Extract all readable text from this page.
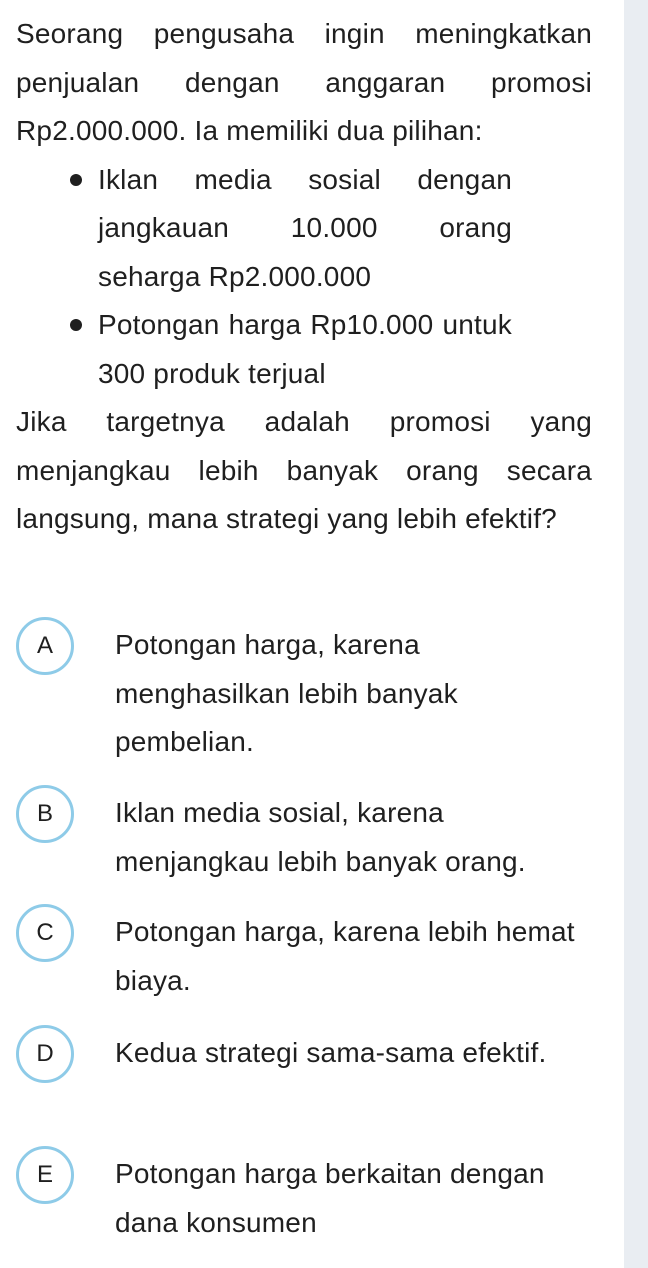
Seorang pengusaha ingin meningkatkan penjualan dengan anggaran promosi Rp2.000.000. Ia memiliki dua pilihan:

Iklan media sosial dengan jangkauan 10.000 orang seharga Rp2.000.000
Potongan harga Rp10.000 untuk 300 produk terjual

Jika targetnya adalah promosi yang menjangkau lebih banyak orang secara langsung, mana strategi yang lebih efektif?

A	Potongan harga, karena menghasilkan lebih banyak pembelian.
B	Iklan media sosial, karena menjangkau lebih banyak orang.
C	Potongan harga, karena lebih hemat biaya.
D	Kedua strategi sama-sama efektif.
E	Potongan harga berkaitan dengan dana konsumen
